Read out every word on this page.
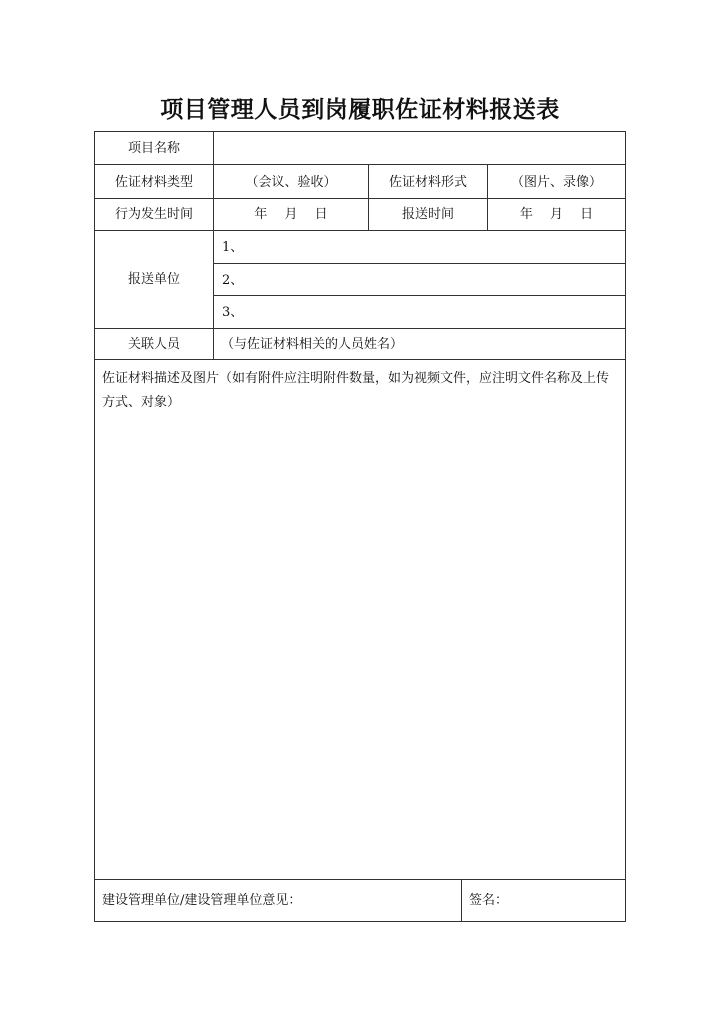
项目管理人员到岗履职佐证材料报送表
项目名称
佐证材料类型	（会议、验收）	佐证材料形式	（图片、录像）
行为发生时间	年　 月　 日	报送时间	年　 月　 日
报送单位
1、
2、
3、
关联人员	（与佐证材料相关的人员姓名）
佐证材料描述及图片（如有附件应注明附件数量，如为视频文件，应注明文件名称及上传方式、对象）
建设管理单位/建设管理单位意见：	签名：
